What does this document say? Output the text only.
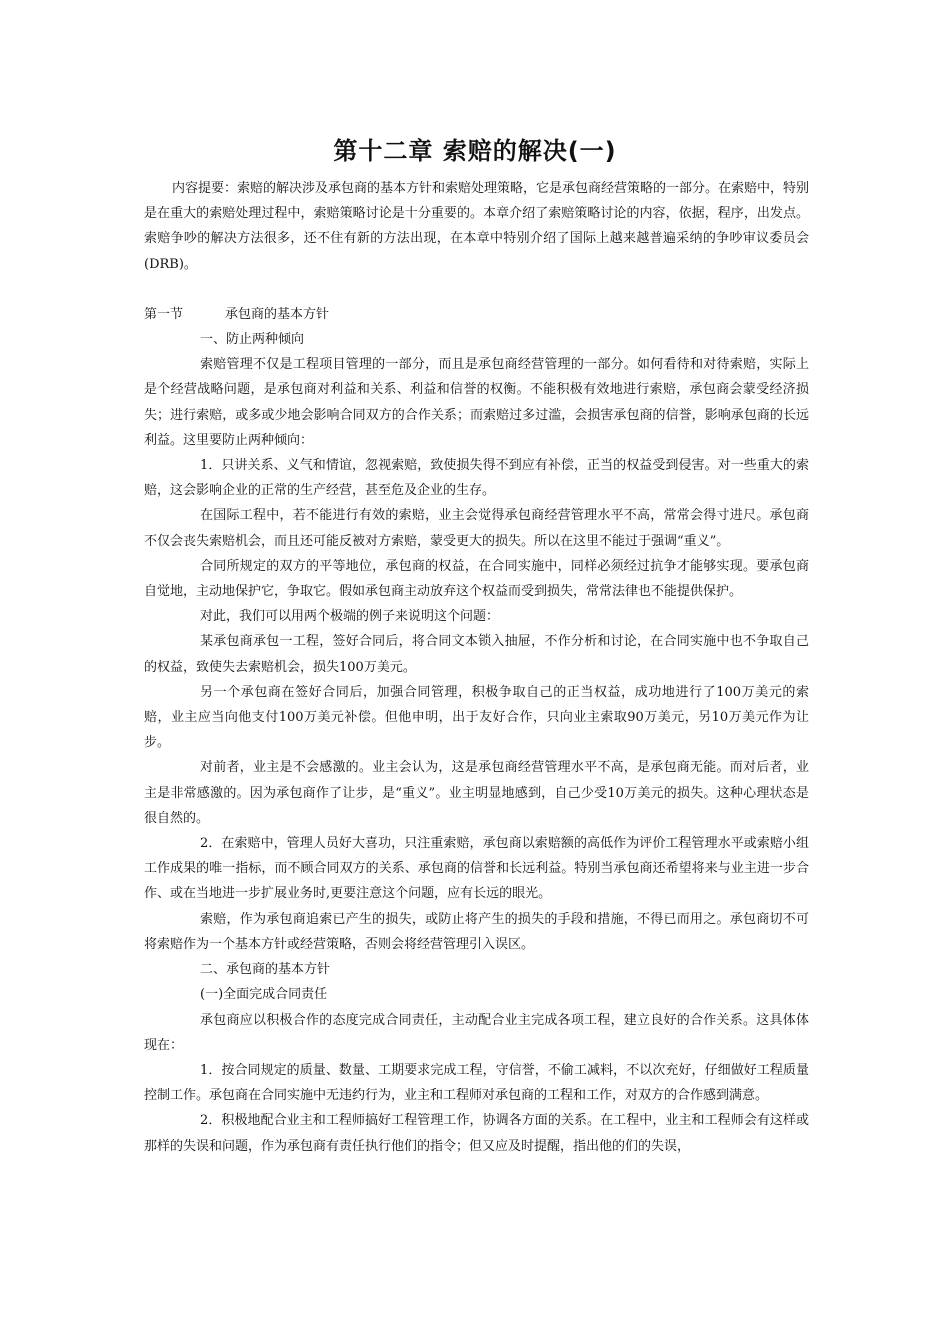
第十二章 索赔的解决(一)

内容提要：索赔的解决涉及承包商的基本方针和索赔处理策略，它是承包商经营策略的一部分。在索赔中，特别是在重大的索赔处理过程中，索赔策略讨论是十分重要的。本章介绍了索赔策略讨论的内容，依据，程序，出发点。索赔争吵的解决方法很多，还不住有新的方法出现，在本章中特别介绍了国际上越来越普遍采纳的争吵审议委员会(DRB)。

第一节	承包商的基本方针

一、防止两种倾向

索赔管理不仅是工程项目管理的一部分，而且是承包商经营管理的一部分。如何看待和对待索赔，实际上是个经营战略问题，是承包商对利益和关系、利益和信誉的权衡。不能积极有效地进行索赔，承包商会蒙受经济损失；进行索赔，或多或少地会影响合同双方的合作关系；而索赔过多过滥，会损害承包商的信誉，影响承包商的长远利益。这里要防止两种倾向：

1．只讲关系、义气和情谊，忽视索赔，致使损失得不到应有补偿，正当的权益受到侵害。对一些重大的索赔，这会影响企业的正常的生产经营，甚至危及企业的生存。

在国际工程中，若不能进行有效的索赔，业主会觉得承包商经营管理水平不高，常常会得寸进尺。承包商不仅会丧失索赔机会，而且还可能反被对方索赔，蒙受更大的损失。所以在这里不能过于强调“重义”。

合同所规定的双方的平等地位，承包商的权益，在合同实施中，同样必须经过抗争才能够实现。要承包商自觉地，主动地保护它，争取它。假如承包商主动放弃这个权益而受到损失，常常法律也不能提供保护。

对此，我们可以用两个极端的例子来说明这个问题：

某承包商承包一工程，签好合同后，将合同文本锁入抽屉，不作分析和讨论，在合同实施中也不争取自己的权益，致使失去索赔机会，损失100万美元。

另一个承包商在签好合同后，加强合同管理，积极争取自己的正当权益，成功地进行了100万美元的索赔，业主应当向他支付100万美元补偿。但他申明，出于友好合作，只向业主索取90万美元，另10万美元作为让步。

对前者，业主是不会感激的。业主会认为，这是承包商经营管理水平不高，是承包商无能。而对后者，业主是非常感激的。因为承包商作了让步，是“重义”。业主明显地感到，自己少受10万美元的损失。这种心理状态是很自然的。

2．在索赔中，管理人员好大喜功，只注重索赔，承包商以索赔额的高低作为评价工程管理水平或索赔小组工作成果的唯一指标，而不顾合同双方的关系、承包商的信誉和长远利益。特别当承包商还希望将来与业主进一步合作、或在当地进一步扩展业务时,更要注意这个问题，应有长远的眼光。

索赔，作为承包商追索已产生的损失，或防止将产生的损失的手段和措施，不得已而用之。承包商切不可将索赔作为一个基本方针或经营策略，否则会将经营管理引入误区。

二、承包商的基本方针

(一)全面完成合同责任

承包商应以积极合作的态度完成合同责任，主动配合业主完成各项工程，建立良好的合作关系。这具体体现在：

1．按合同规定的质量、数量、工期要求完成工程，守信誉，不偷工减料，不以次充好，仔细做好工程质量控制工作。承包商在合同实施中无违约行为，业主和工程师对承包商的工程和工作，对双方的合作感到满意。

2．积极地配合业主和工程师搞好工程管理工作，协调各方面的关系。在工程中，业主和工程师会有这样或那样的失误和问题，作为承包商有责任执行他们的指令；但又应及时提醒，指出他的们的失误，
